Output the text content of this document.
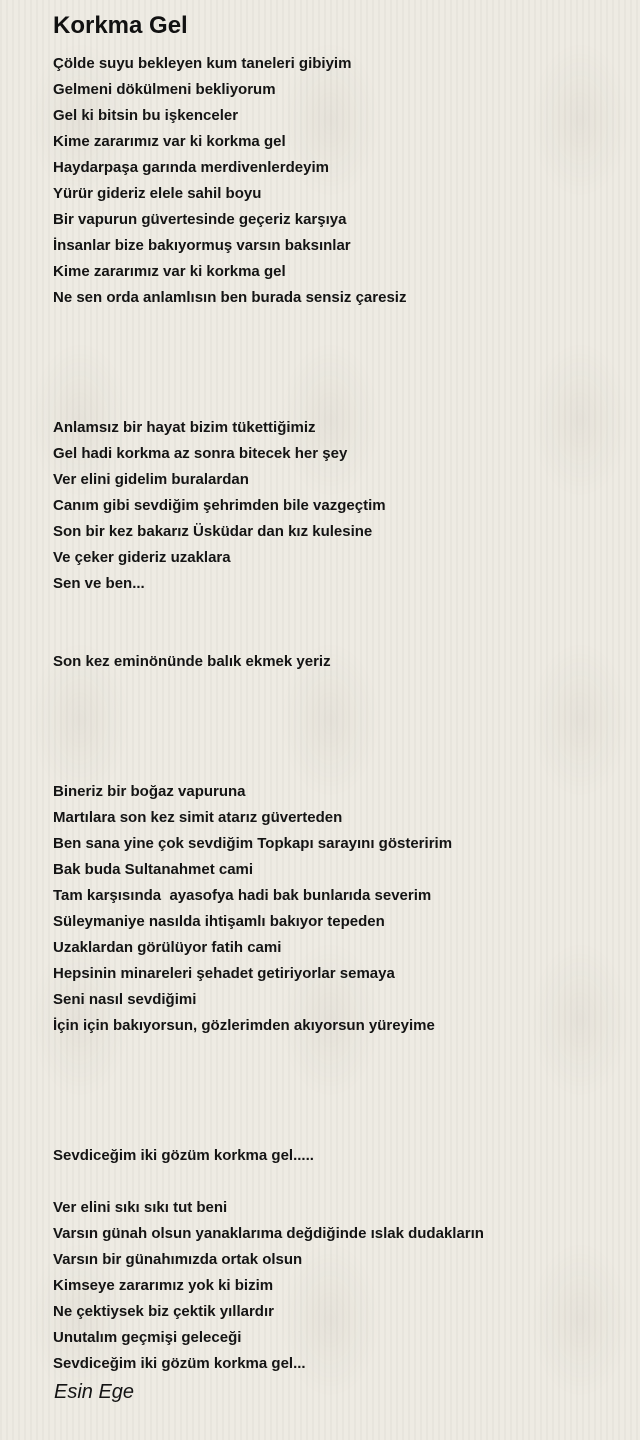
Korkma Gel
Çölde suyu bekleyen kum taneleri gibiyim
Gelmeni dökülmeni bekliyorum
Gel ki bitsin bu işkenceler
Kime zararımız var ki korkma gel
Haydarpaşa garında merdivenlerdeyim
Yürür gideriz elele sahil boyu
Bir vapurun güvertesinde geçeriz karşıya
İnsanlar bize bakıyormuş varsın baksınlar
Kime zararımız var ki korkma gel
Ne sen orda anlamlısın ben burada sensiz çaresiz
Anlamsız bir hayat bizim tükettiğimiz
Gel hadi korkma az sonra bitecek her şey
Ver elini gidelim buralardan
Canım gibi sevdiğim şehrimden bile vazgeçtim
Son bir kez bakarız Üsküdar dan kız kulesine
Ve çeker gideriz uzaklara
Sen ve ben...
Son kez eminönünde balık ekmek yeriz
Bineriz bir boğaz vapuruna
Martılara son kez simit atarız güverteden
Ben sana yine çok sevdiğim Topkapı sarayını gösteririm
Bak buda Sultanahmet cami
Tam karşısında  ayasofya hadi bak bunlarıda severim
Süleymaniye nasılda ihtişamlı bakıyor tepeden
Uzaklardan görülüyor fatih cami
Hepsinin minareleri şehadet getiriyorlar semaya
Seni nasıl sevdiğimi
İçin için bakıyorsun, gözlerimden akıyorsun yüreyime
Sevdiceğim iki gözüm korkma gel.....
Ver elini sıkı sıkı tut beni
Varsın günah olsun yanaklarıma değdiğinde ıslak dudakların
Varsın bir günahımızda ortak olsun
Kimseye zararımız yok ki bizim
Ne çektiysek biz çektik yıllardır
Unutalım geçmişi geleceği
Sevdiceğim iki gözüm korkma gel...
Esin Ege
